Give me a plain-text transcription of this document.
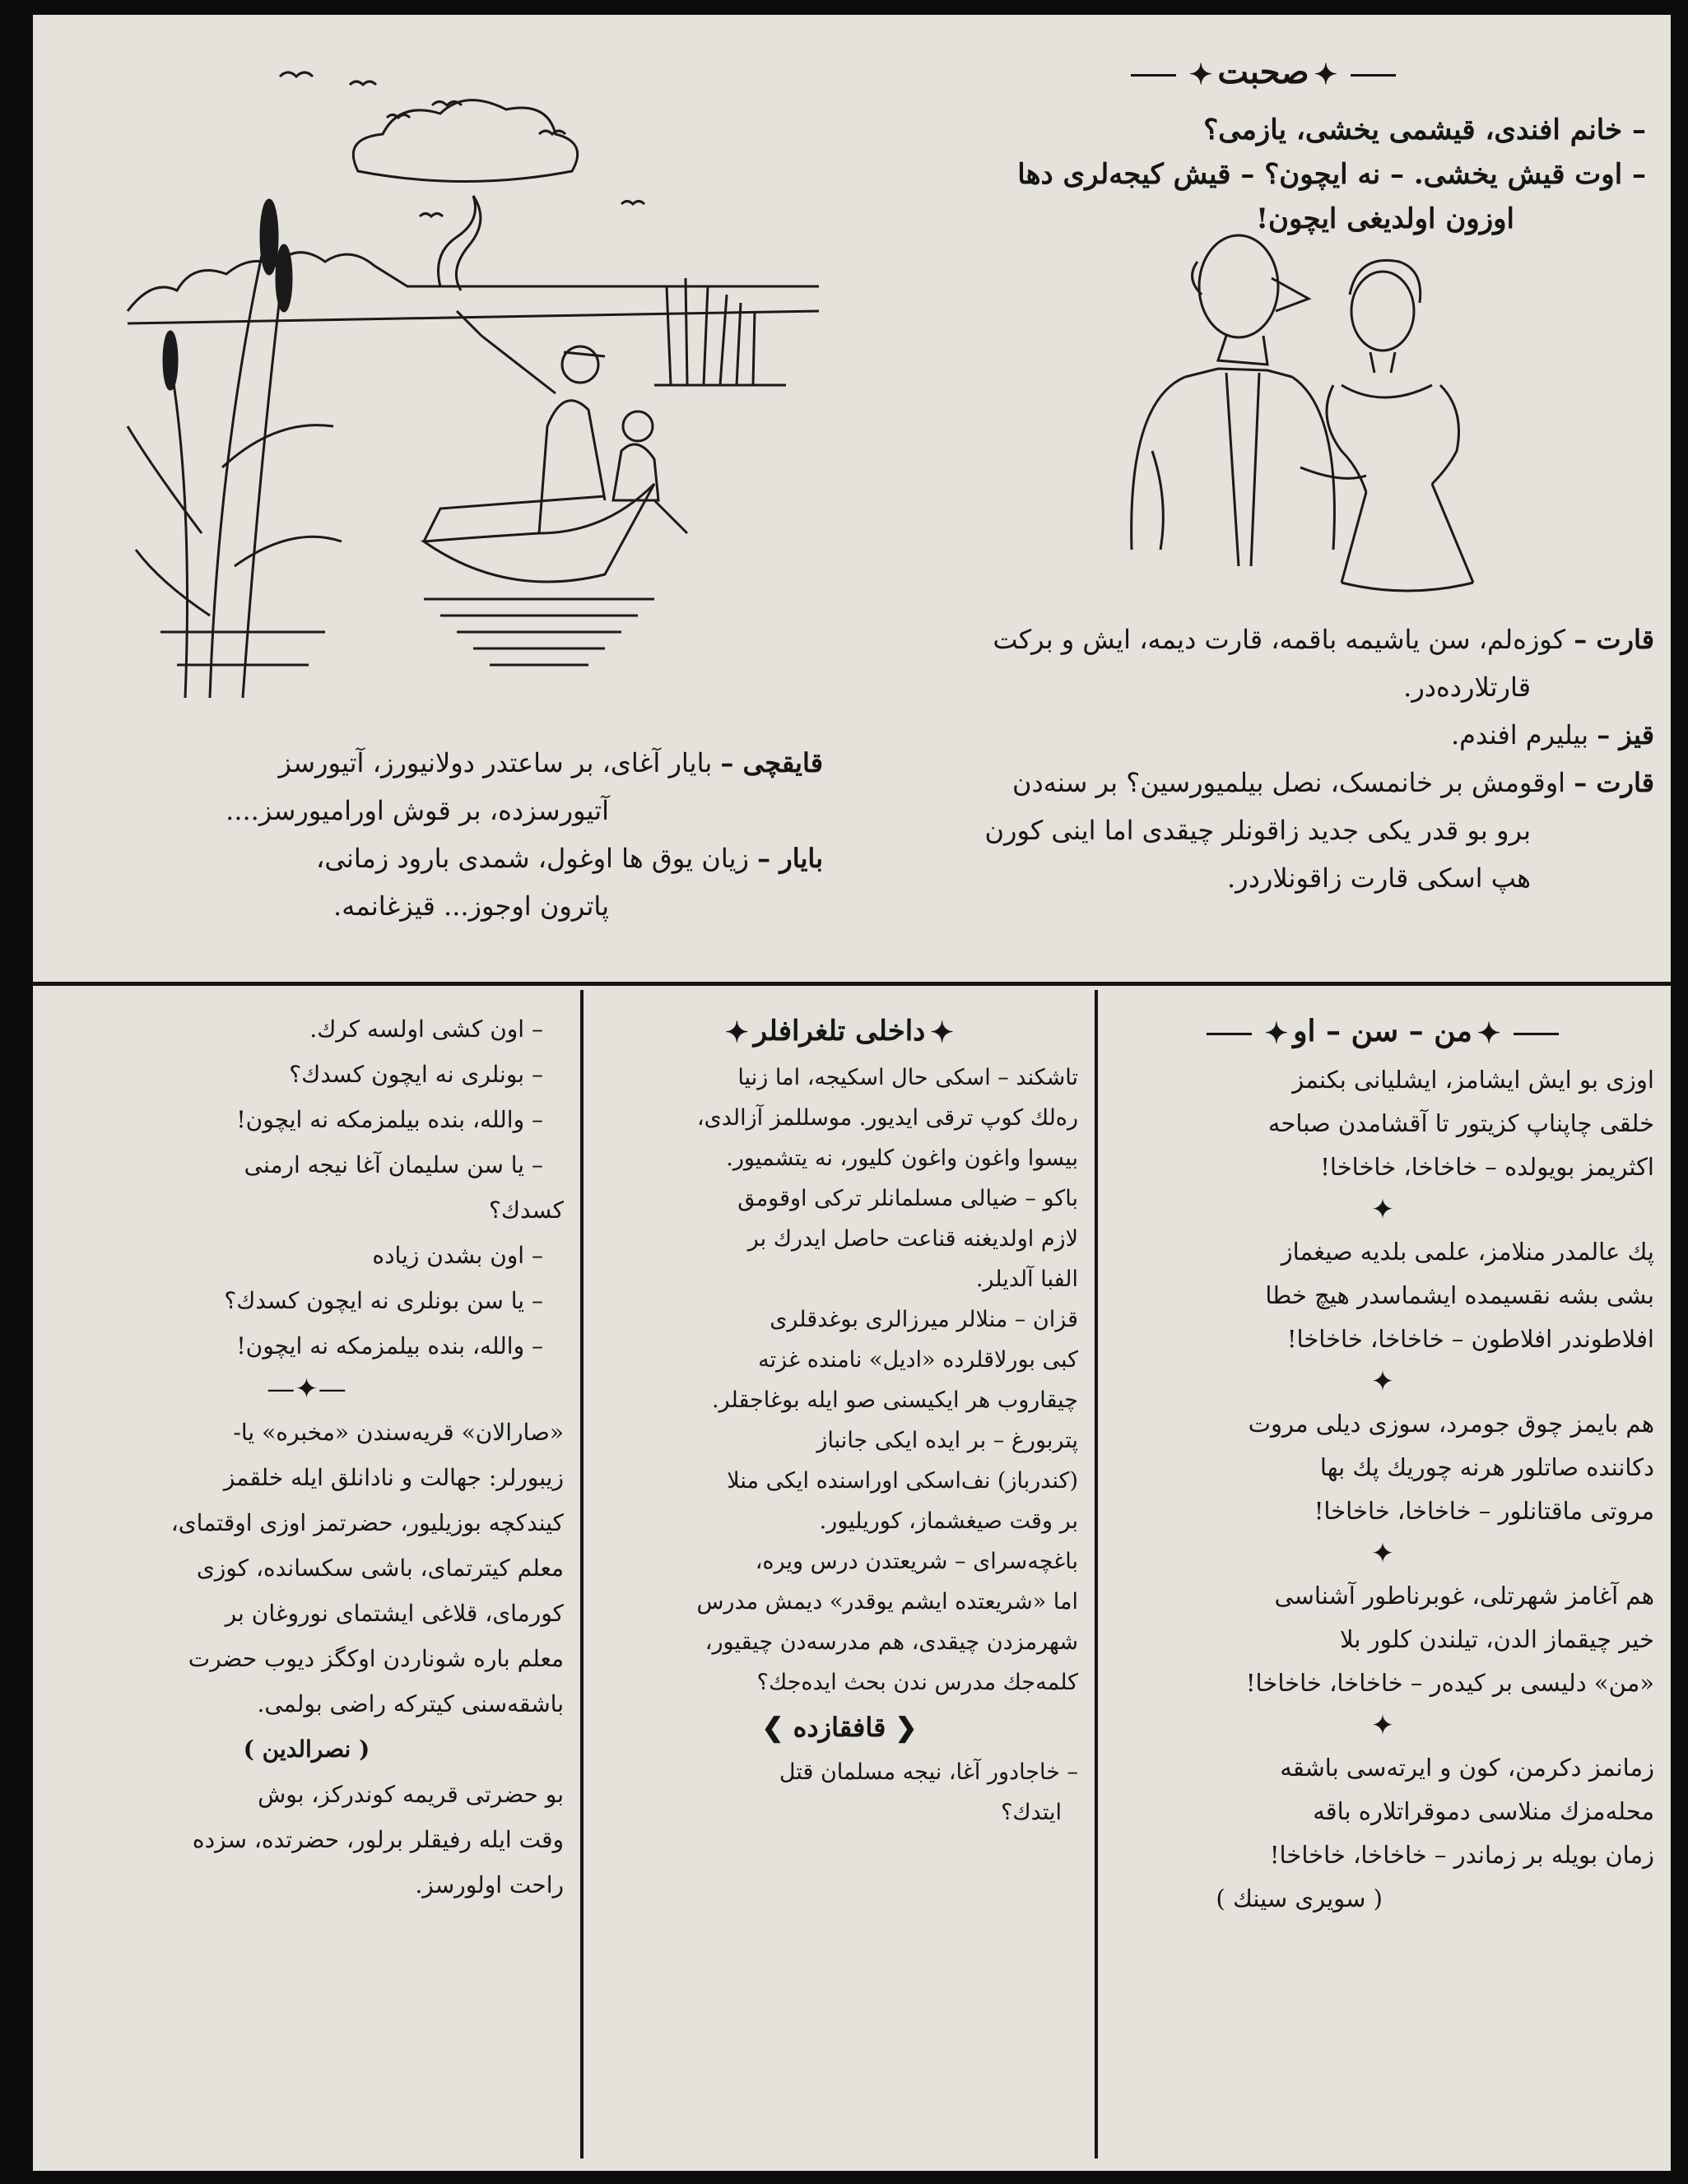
✦صحبت✦

– خانم افندی، قیشمی یخشی، یازمی؟

– اوت قیش یخشی. – نه ایچون؟ – قیش کیجه‌لری دها

اوزون اولدیغی ایچون!

قارت – کوزه‌لم، سن یاشیمه باقمه، قارت دیمه، ایش و برکت

قارتلارده‌در.

قیز – بیلیرم افندم.

قارت – اوقومش بر خانمسک، نصل بیلمیورسین؟ بر سنه‌دن

برو بو قدر یکی جدید زاقونلر چیقدی اما اینی کورن

هپ اسکی قارت زاقونلاردر.

قایقچی – بایار آغای، بر ساعتدر دولانیورز، آتیورسز

آتیورسزده، بر قوش اورامیورسز....

بایار – زیان یوق ها اوغول، شمدی بارود زمانی،

پاترون اوجوز... قیزغانمه.

✦من – سن – او✦

اوزی بو ایش ایشامز، ایشلیانی بکنمز

خلقی چاپناپ کزیتور تا آقشامدن صباحه

اکثریمز بویولده – خاخاخا، خاخاخا!

✦

پك عالمدر منلامز، علمی بلدیه صیغماز

بشی بشه نقسیمده ایشماسدر هیچ خطا

افلاطوندر افلاطون – خاخاخا، خاخاخا!

✦

هم بایمز چوق جومرد، سوزی دیلی مروت

دکاننده صاتلور هرنه چوریك پك بها

مروتی ماقتانلور – خاخاخا، خاخاخا!

✦

هم آغامز شهرتلی، غوبرناطور آشناسی

خیر چیقماز الدن، تیلندن کلور بلا

«من» دلیسی بر کیده‌ر – خاخاخا، خاخاخا!

✦

زمانمز دکرمن، کون و ایرته‌سی باشقه

محله‌مزك منلاسی دموقراتلاره باقه

زمان بویله بر زماندر – خاخاخا، خاخاخا!

( سویری سینك )

✦داخلی تلغرافلر✦

تاشکند – اسکی حال اسکیجه، اما زنیا

ره‌لك کوپ ترقی ایدیور. موسللمز آزالدی،

بیسوا واغون واغون کلیور، نه یتشمیور.

باکو – ضیالی مسلمانلر ترکی اوقومق

لازم اولدیغنه قناعت حاصل ایدرك بر

الفبا آلدیلر.

قزان – منلالر میرزالری بوغدقلری

کبی بورلاقلرده «ادیل» نامنده غزته

چیقاروب هر ایکیسنی صو ایله بوغاجقلر.

پتربورغ – بر ایده ایکی جانباز

(کندرباز) نف‌اسکی اوراسنده ایکی منلا

بر وقت صیغشماز، کوریلیور.

باغچه‌سرای – شریعتدن درس ویره،

اما «شریعتده ایشم یوقدر» دیمش مدرس

شهرمزدن چیقدی، هم مدرسه‌دن چیقیور،

کلمه‌جك مدرس ندن بحث ایده‌جك؟

❮ قافقازده ❯

– خاجادور آغا، نیجه مسلمان قتل

ایتدك؟

– اون کشی اولسه کرك.

– بونلری نه ایچون کسدك؟

– والله، بنده بیلمزمکه نه ایچون!

– یا سن سلیمان آغا نیجه ارمنی

کسدك؟

– اون بشدن زیاده

– یا سن بونلری نه ایچون کسدك؟

– والله، بنده بیلمزمکه نه ایچون!

—✦—

«صارالان» قریه‌سندن «مخبره» یا-

زیبورلر: جهالت و نادانلق ایله خلقمز

کیندکچه بوزیلیور، حضرتمز اوزی اوقتمای،

معلم کیترتمای، باشی سکسانده، کوزی

کورمای، قلاغی ایشتمای نوروغان بر

معلم باره شوناردن اوکگز دیوب حضرت

باشقه‌سنی کیترکه راضی بولمی.

( نصرالدین )

بو حضرتی قریمه کوندرکز، بوش

وقت ایله رفیقلر برلور، حضرتده، سزده

راحت اولورسز.
